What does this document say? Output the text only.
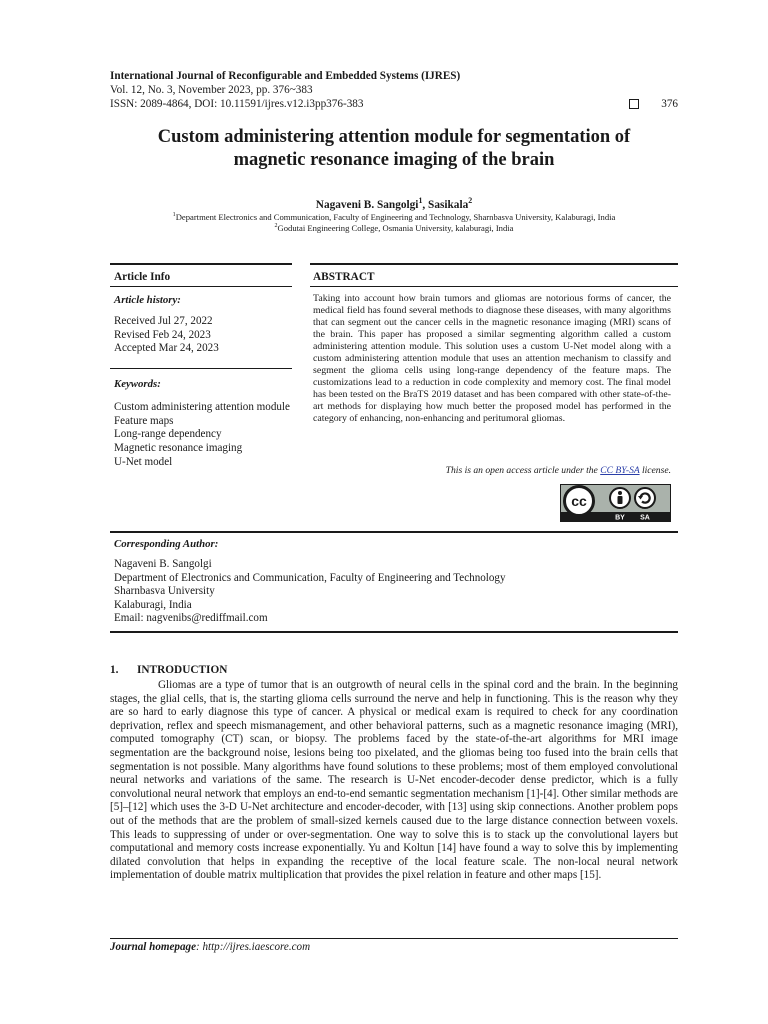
International Journal of Reconfigurable and Embedded Systems (IJRES)
Vol. 12, No. 3, November 2023, pp. 376~383
ISSN: 2089-4864, DOI: 10.11591/ijres.v12.i3pp376-383	376
Custom administering attention module for segmentation of
magnetic resonance imaging of the brain
Nagaveni B. Sangolgi$^1$, Sasikala$^2$
$^1$Department Electronics and Communication, Faculty of Engineering and Technology, Sharnbasva University, Kalaburagi, India
$^2$Godutai Engineering College, Osmania University, kalaburagi, India
Article Info	ABSTRACT
Article history:
Received Jul 27, 2022
Revised Feb 24, 2023
Accepted Mar 24, 2023
Keywords:
Custom administering attention module
Feature maps
Long-range dependency
Magnetic resonance imaging
U-Net model
Taking into account how brain tumors and gliomas are notorious forms of cancer, the medical field has found several methods to diagnose these diseases, with many algorithms that can segment out the cancer cells in the magnetic resonance imaging (MRI) scans of the brain. This paper has proposed a similar segmenting algorithm called a custom administering attention module. This solution uses a custom U-Net model along with a custom administering attention module that uses an attention mechanism to classify and segment the glioma cells using long-range dependency of the feature maps. The customizations lead to a reduction in code complexity and memory cost. The final model has been tested on the BraTS 2019 dataset and has been compared with other state-of-the-art methods for displaying how much better the proposed model has performed in the category of enhancing, non-enhancing and peritumoral gliomas.
This is an open access article under the CC BY-SA license.
cc
BY SA
Corresponding Author:
Nagaveni B. Sangolgi
Department of Electronics and Communication, Faculty of Engineering and Technology
Sharnbasva University
Kalaburagi, India
Email: nagvenibs@rediffmail.com
1. INTRODUCTION
Gliomas are a type of tumor that is an outgrowth of neural cells in the spinal cord and the brain. In the beginning stages, the glial cells, that is, the starting glioma cells surround the nerve and help in functioning. This is the reason why they are so hard to early diagnose this type of cancer. A physical or medical exam is required to check for any coordination deprivation, reflex and speech mismanagement, and other behavioral patterns, such as a magnetic resonance imaging (MRI), computed tomography (CT) scan, or biopsy. The problems faced by the state-of-the-art algorithms for MRI image segmentation are the background noise, lesions being too pixelated, and the gliomas being too fused into the brain cells that segmentation is not possible. Many algorithms have found solutions to these problems; most of them employed convolutional neural networks and variations of the same. The research is U-Net encoder-decoder dense predictor, which is a fully convolutional neural network that employs an end-to-end semantic segmentation mechanism [1]-[4]. Other similar methods are [5]–[12] which uses the 3-D U-Net architecture and encoder-decoder, with [13] using skip connections. Another problem pops out of the methods that are the problem of small-sized kernels caused due to the large distance connection between voxels. This leads to suppressing of under or over-segmentation. One way to solve this is to stack up the convolutional layers but computational and memory costs increase exponentially. Yu and Koltun [14] have found a way to solve this by implementing dilated convolution that helps in expanding the receptive of the local feature scale. The non-local neural network implementation of double matrix multiplication that provides the pixel relation in feature and other maps [15].
Journal homepage: http://ijres.iaescore.com
